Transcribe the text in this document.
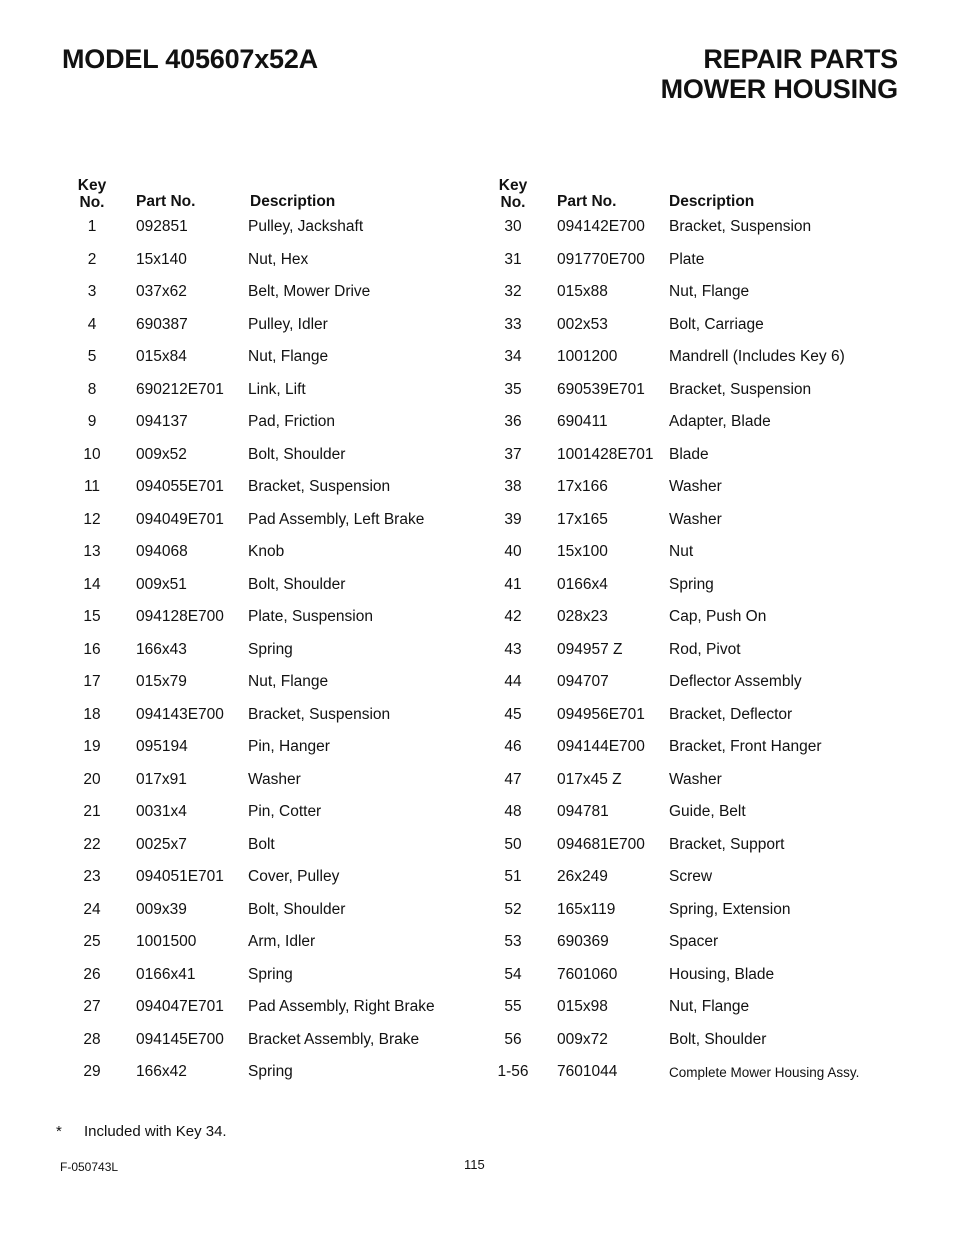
MODEL 405607x52A	REPAIR PARTS
MOWER HOUSING
Key
No.	Part No.	Description
1	092851	Pulley, Jackshaft
2	15x140	Nut, Hex
3	037x62	Belt, Mower Drive
4	690387	Pulley, Idler
5	015x84	Nut, Flange
8	690212E701 Link, Lift
9	094137	Pad, Friction
10	009x52	Bolt, Shoulder
11	094055E701 Bracket, Suspension
12	094049E701 Pad Assembly, Left Brake
13	094068	Knob
14	009x51	Bolt, Shoulder
15	094128E700 Plate, Suspension
16	166x43	Spring
17	015x79	Nut, Flange
18	094143E700 Bracket, Suspension
19	095194	Pin, Hanger
20	017x91	Washer
21	0031x4	Pin, Cotter
22	0025x7	Bolt
23	094051E701 Cover, Pulley
24	009x39	Bolt, Shoulder
25	1001500	Arm, Idler
26	0166x41	Spring
27	094047E701 Pad Assembly, Right Brake
28	094145E700 Bracket Assembly, Brake
29	166x42	Spring
Key
No.	Part No.	Description
30	094142E700 Bracket, Suspension
31	091770E700 Plate
32	015x88	Nut, Flange
33	002x53	Bolt, Carriage
34	1001200	Mandrell (Includes Key 6)
35	690539E701 Bracket, Suspension
36	690411	Adapter, Blade
37	1001428E701 Blade
38	17x166	Washer
39	17x165	Washer
40	15x100	Nut
41	0166x4	Spring
42	028x23	Cap, Push On
43	094957 Z	Rod, Pivot
44	094707	Deflector Assembly
45	094956E701 Bracket, Deflector
46	094144E700 Bracket, Front Hanger
47	017x45 Z	Washer
48	094781	Guide, Belt
50	094681E700 Bracket, Support
51	26x249	Screw
52	165x119	Spring, Extension
53	690369	Spacer
54	7601060	Housing, Blade
55	015x98	Nut, Flange
56	009x72	Bolt, Shoulder
1-56	7601044	Complete Mower Housing Assy.
* Included with Key 34.
F-050743L	115
